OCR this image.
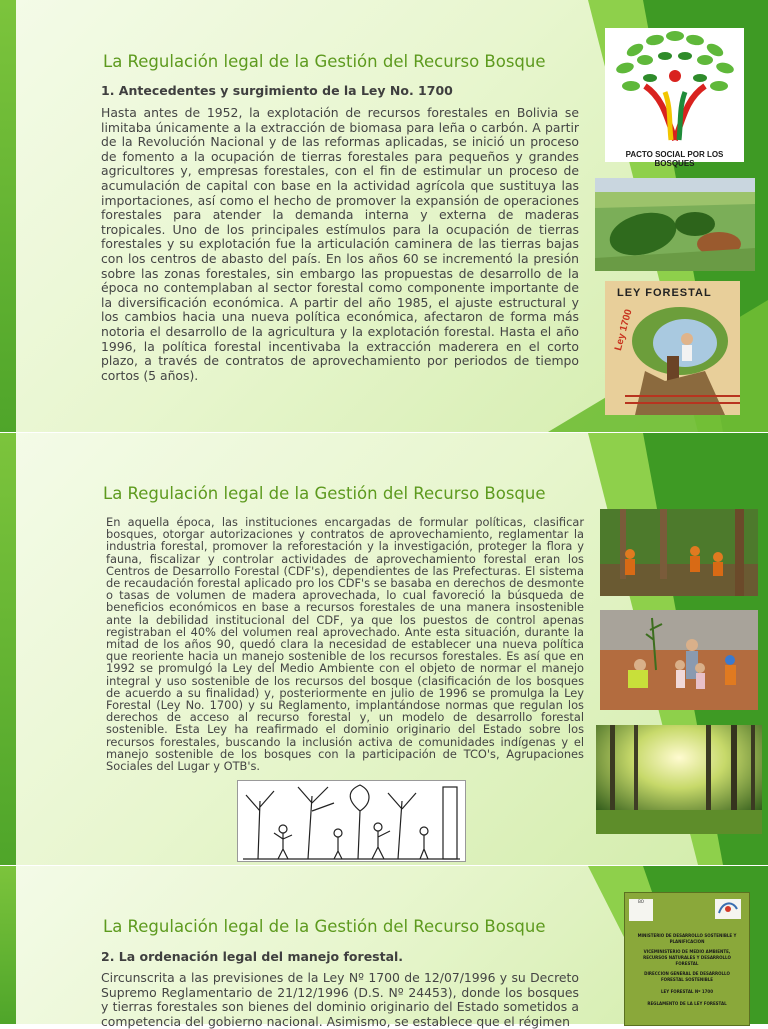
La Regulación legal de la Gestión del Recurso Bosque
1. Antecedentes y surgimiento de la Ley No. 1700
Hasta antes de 1952, la explotación de recursos forestales en Bolivia se limitaba únicamente a la extracción de biomasa para leña o carbón. A partir de la Revolución Nacional y de las reformas aplicadas, se inició un proceso de fomento a la ocupación de tierras forestales para pequeños y grandes agricultores y, empresas forestales, con el fin de estimular un proceso de acumulación de capital con base en la actividad agrícola que sustituya las importaciones, así como el hecho de promover la expansión de operaciones forestales para atender la demanda interna y externa de maderas tropicales. Uno de los principales estímulos para la ocupación de tierras forestales y su explotación fue la articulación caminera de las tierras bajas con los centros de abasto del país. En los años 60 se incrementó la presión sobre las zonas forestales, sin embargo las propuestas de desarrollo de la época no contemplaban al sector forestal como componente importante de la diversificación económica. A partir del año 1985, el ajuste estructural y los cambios hacia una nueva política económica, afectaron de forma más notoria el desarrollo de la agricultura y la explotación forestal. Hasta el año 1996, la política forestal incentivaba la extracción maderera en el corto plazo, a través de contratos de aprovechamiento por periodos de tiempo cortos (5 años).
PACTO SOCIAL POR LOS BOSQUES
LEY FORESTAL
Ley 1700
La Regulación legal de la Gestión del Recurso Bosque
En aquella época, las instituciones encargadas de formular políticas, clasificar bosques, otorgar autorizaciones y contratos de aprovechamiento, reglamentar la industria forestal, promover la reforestación y la investigación, proteger la flora y fauna, fiscalizar y controlar actividades de aprovechamiento forestal eran los Centros de Desarrollo Forestal (CDF's), dependientes de las Prefecturas. El sistema de recaudación forestal aplicado pro los CDF's se basaba en derechos de desmonte o tasas de volumen de madera aprovechada, lo cual favoreció la búsqueda de beneficios económicos en base a recursos forestales de una manera insostenible ante la debilidad institucional del CDF, ya que los puestos de control apenas registraban el 40% del volumen real aprovechado. Ante esta situación, durante la mitad de los años 90, quedó clara la necesidad de establecer una nueva política que reoriente hacia un manejo sostenible de los recursos forestales. Es así que en 1992 se promulgó la Ley del Medio Ambiente con el objeto de normar el manejo integral y uso sostenible de los recursos del bosque (clasificación de los bosques de acuerdo a su finalidad) y, posteriormente en julio de 1996 se promulga la Ley Forestal (Ley No. 1700) y su Reglamento, implantándose normas que regulan los derechos de acceso al recurso forestal y, un modelo de desarrollo forestal sostenible. Esta Ley ha reafirmado el dominio originario del Estado sobre los recursos forestales, buscando la inclusión activa de comunidades indígenas y el manejo sostenible de los bosques con la participación de TCO's, Agrupaciones Sociales del Lugar y OTB's.
La Regulación legal de la Gestión del Recurso Bosque
2. La ordenación legal del manejo forestal.
Circunscrita a las previsiones de la Ley Nº 1700 de 12/07/1996 y su Decreto Supremo Reglamentario de 21/12/1996 (D.S. Nº 24453), donde los bosques y tierras forestales son bienes del dominio originario del Estado sometidos a competencia del gobierno nacional. Asimismo, se establece que el régimen
BO
MINISTERIO DE DESARROLLO SOSTENIBLE Y PLANIFICACION
VICEMINISTERIO DE MEDIO AMBIENTE, RECURSOS NATURALES Y DESARROLLO FORESTAL
DIRECCION GENERAL DE DESARROLLO FORESTAL SOSTENIBLE
LEY FORESTAL Nº 1700
REGLAMENTO DE LA LEY FORESTAL
